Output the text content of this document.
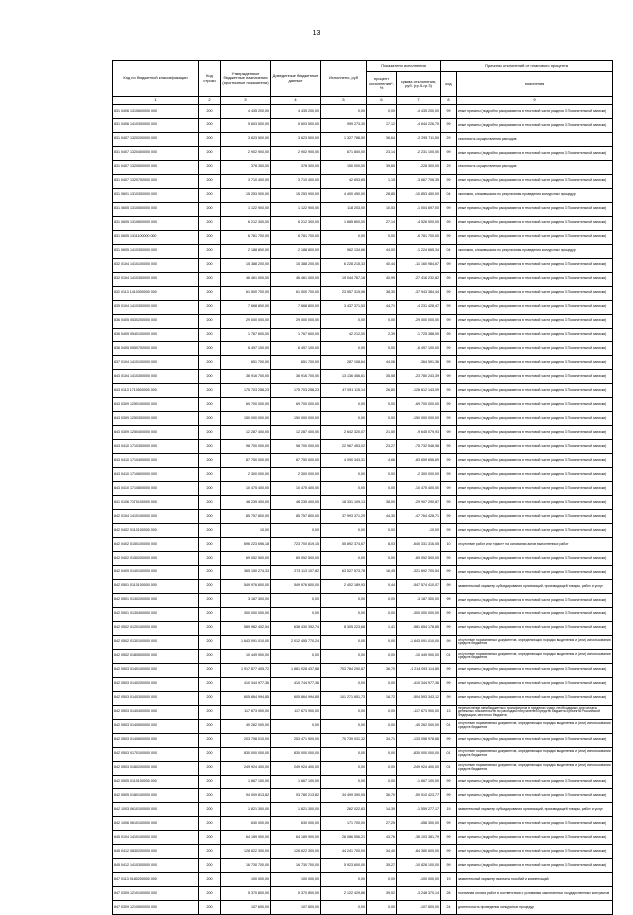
13
Код по бюджетной классификации	Код строки	Утвержденные бюджетные назначения (прогнозные показатели)	Доведенные бюджетные данные	Исполнено, руб	Показатели исполнения		Причины отклонений от планового процента	
					процент исполнения*, %	сумма отклонения, руб. (гр.5-гр.3)	код	пояснения
1	2	3	4	5	6	7	8	9
831 0406 1310600000 000	200	4 435 200,00	4 435 200,00	0,00	0,00	-4 435 200,00	99	иные причины (подробно раскрываются в текстовой части раздела 3 Пояснительной записки)
831 0406 1410300000 000	200	5 603 500,00	5 603 500,00	959 273,30	17,12	-4 644 226,70	99	иные причины (подробно раскрываются в текстовой части раздела 3 Пояснительной записки)
831 0407 1320200000 000	200	3 623 500,00	3 623 500,00	1 327 788,50	36,64	-2 295 711,50	29	сезонность осуществления расходов
831 0407 1320400000 000	200	2 902 900,00	2 902 900,00	671 800,00	23,14	-2 231 100,00	99	иные причины (подробно раскрываются в текстовой части раздела 3 Пояснительной записки)
831 0407 1320500000 000	200	378 300,00	378 300,00	150 000,00	39,65	-228 300,00	29	сезонность осуществления расходов
831 0407 1320700000 000	200	3 710 400,00	3 710 400,00	42 693,65	1,15	-3 667 706,35	99	иные причины (подробно раскрываются в текстовой части раздела 3 Пояснительной записки)
831 0601 1310300000 000	200	15 253 900,00	15 253 900,00	4 400 450,00	28,85	-10 853 450,00	04	экономия, сложившаяся по результатам проведения конкурсных процедур
831 0605 1310500000 000	200	1 122 900,00	1 122 900,00	118 203,00	10,53	-1 004 697,00	99	иные причины (подробно раскрываются в текстовой части раздела 3 Пояснительной записки)
831 0605 1310600000 000	200	6 212 300,00	6 212 300,00	1 685 800,00	27,14	-4 526 500,00	99	иные причины (подробно раскрываются в текстовой части раздела 3 Пояснительной записки)
831 0605 1311100000 000	200	6 781 700,00	6 781 700,00	0,00	0,00	-6 781 700,00	99	иные причины (подробно раскрываются в текстовой части раздела 3 Пояснительной записки)
831 0605 1410300000 000	200	2 188 800,00	2 188 800,00	962 134,66	44,00	-1 224 665,34	04	экономия, сложившаяся по результатам проведения конкурсных процедур
832 0104 1410100000 000	200	15 388 200,00	15 388 200,00	6 228 215,33	40,44	-11 160 984,67	99	иные причины (подробно раскрываются в текстовой части раздела 3 Пояснительной записки)
832 0104 1410300000 000	200	46 461 000,00	46 461 000,00	19 044 767,18	40,99	-27 416 232,82	99	иные причины (подробно раскрываются в текстовой части раздела 3 Пояснительной записки)
832 0113 1410300000 000	200	61 500 700,00	61 500 700,00	23 557 315,56	38,30	-37 943 384,44	99	иные причины (подробно раскрываются в текстовой части раздела 3 Пояснительной записки)
835 0104 1410300000 000	200	7 668 800,00	7 668 800,00	3 437 371,53	44,71	-4 231 428,47	99	иные причины (подробно раскрываются в текстовой части раздела 3 Пояснительной записки)
836 0405 0530200000 000	200	29 000 000,00	29 000 000,00	0,00	0,00	-29 000 000,00	99	иные причины (подробно раскрываются в текстовой части раздела 3 Пояснительной записки)
836 0405 0540100000 000	200	1 767 600,00	1 767 600,00	42 212,00	2,39	-1 725 388,00	99	иные причины (подробно раскрываются в текстовой части раздела 3 Пояснительной записки)
836 0405 0550700000 000	200	6 497 100,00	6 497 100,00	0,00	0,00	-6 497 100,00	99	иные причины (подробно раскрываются в текстовой части раздела 3 Пояснительной записки)
837 0104 1410100000 000	200	651 700,00	651 700,00	287 108,64	44,06	-364 591,36	99	иные причины (подробно раскрываются в текстовой части раздела 3 Пояснительной записки)
843 0104 1410300000 000	200	36 916 700,00	36 916 700,00	13 136 456,61	35,58	-23 780 243,39	99	иные причины (подробно раскрываются в текстовой части раздела 3 Пояснительной записки)
843 0113 1710500000 000	200	175 703 258,23	175 703 258,23	47 091 115,14	26,80	-128 612 143,09	99	иные причины (подробно раскрываются в текстовой части раздела 3 Пояснительной записки)
843 0309 1250100000 000	200	69 700 000,00	69 700 000,00	0,00	0,00	-69 700 000,00	99	иные причины (подробно раскрываются в текстовой части раздела 3 Пояснительной записки)
843 0309 1250300000 000	200	150 000 000,00	150 000 000,00	0,00	0,00	-150 000 000,00	99	иные причины (подробно раскрываются в текстовой части раздела 3 Пояснительной записки)
843 0309 1250400000 000	200	12 287 400,00	12 287 400,00	2 642 320,07	21,50	-9 645 079,93	99	иные причины (подробно раскрываются в текстовой части раздела 3 Пояснительной записки)
843 0410 1710300000 000	200	98 700 000,00	98 700 000,00	22 967 453,02	23,27	-75 732 546,98	99	иные причины (подробно раскрываются в текстовой части раздела 3 Пояснительной записки)
843 0410 1710400000 000	200	87 750 000,00	87 750 000,00	4 090 343,31	4,66	-83 659 656,69	99	иные причины (подробно раскрываются в текстовой части раздела 3 Пояснительной записки)
843 0410 1710600000 000	200	2 300 000,00	2 300 000,00	0,00	0,00	-2 300 000,00	99	иные причины (подробно раскрываются в текстовой части раздела 3 Пояснительной записки)
843 0410 1710800000 000	200	10 475 400,00	10 475 400,00	0,00	0,00	-10 475 400,00	99	иные причины (подробно раскрываются в текстовой части раздела 3 Пояснительной записки)
841 0106 71Г0100000 000	200	48 239 400,00	48 239 400,00	18 331 109,13	38,00	-29 907 290,87	99	иные причины (подробно раскрываются в текстовой части раздела 3 Пояснительной записки)
842 0104 1410100000 000	200	85 757 800,00	85 757 800,00	37 993 371,29	44,30	-47 764 428,71	99	иные причины (подробно раскрываются в текстовой части раздела 3 Пояснительной записки)
842 0402 0110100000 000	200	10,00	0,00	0,00	0,00	-10,00	99	иные причины (подробно раскрываются в текстовой части раздела 3 Пояснительной записки)
842 0402 0150100000 000	200	696 223 696,18	723 700 819,15	55 892 374,67	8,03	-640 331 316,05	10	отсутствие работ или «факт» на основании актов выполненных работ
842 0402 0150200000 000	200	69 052 500,00	69 052 500,00	0,00	0,00	-69 052 500,00	99	иные причины (подробно раскрываются в текстовой части раздела 3 Пояснительной записки)
842 0409 0140100000 000	200	365 150 274,33	273 113 107,82	63 527 573,78	16,49	-321 692 700,54	99	иные причины (подробно раскрываются в текстовой части раздела 3 Пояснительной записки)
842 0501 0110100000 000	200	549 976 600,00	549 976 600,00	2 402 189,93	0,44	-547 574 410,07	99	заявительный характер субсидирования организаций, производящей товары, работ и услуг
842 0501 0130200000 000	200	3 187 300,00	0,00	0,00	0,00	-3 187 300,00	99	иные причины (подробно раскрываются в текстовой части раздела 3 Пояснительной записки)
842 0501 0130400000 000	200	300 000 000,00	0,00	0,00	0,00	-300 000 000,00	99	иные причины (подробно раскрываются в текстовой части раздела 3 Пояснительной записки)
842 0502 0120100000 000	200	589 962 402,54	638 430 392,74	8 305 223,68	1,41	-581 654 178,85	99	иные причины (подробно раскрываются в текстовой части раздела 3 Пояснительной записки)
842 0502 0130100000 000	200	1 643 091 010,00	2 012 455 770,24	0,00	0,00	-1 643 091 010,00	99	отсутствие нормативных документов, определяющих порядок выделения и (или) использования средств бюджетов
842 0502 0180500000 000	200	10 449 900,00	0,00	0,00	0,00	-10 449 900,00	01	отсутствие нормативных документов, определяющих порядок выделения и (или) использования средств бюджетов
842 0503 0140100000 000	200	1 917 877 405,72	1 881 028 437,88	703 784 290,87	36,70	-1 214 093 114,85	99	иные причины (подробно раскрываются в текстовой части раздела 3 Пояснительной записки)
842 0503 0140200000 000	200	410 344 977,36	410 744 977,36	0,00	0,00	-410 344 977,36	99	иные причины (подробно раскрываются в текстовой части раздела 3 Пояснительной записки)
842 0503 0140300000 000	200	605 864 994,85	605 864 994,85	101 271 651,73	16,72	-504 593 343,12	99	иные причины (подробно раскрываются в текстовой части раздела 3 Пояснительной записки)
842 0503 0140400000 000	200	117 673 900,00	117 673 900,00	0,00	0,00	-117 673 900,00	13	перечисление межбюджетных трансфертов в пределах сумм, необходимых для оплаты денежных обязательств по расходам получателей средств бюджета субъекта Российской Федерации, местного бюджета
842 0503 0140500000 000	200	40 262 000,00	0,00	0,00	0,00	-40 262 000,00	01	отсутствие нормативных документов, определяющих порядок выделения и (или) использования средств бюджетов
842 0503 0140600000 000	200	203 798 010,00	253 471 900,00	70 739 031,32	34,71	-133 058 978,68	99	иные причины (подробно раскрываются в текстовой части раздела 3 Пояснительной записки)
842 0503 0170100000 000	200	830 000 000,00	830 000 000,00	0,00	0,00	-830 000 000,00	01	отсутствие нормативных документов, определяющих порядок выделения и (или) использования средств бюджетов
842 0503 0180200000 000	200	249 924 400,00	249 924 400,00	0,00	0,00	-249 924 400,00	01	отсутствие нормативных документов, определяющих порядок выделения и (или) использования средств бюджетов
842 0505 0110100000 000	200	1 667 100,00	1 667 100,00	0,00	0,00	-1 667 100,00	99	иные причины (подробно раскрываются в текстовой части раздела 3 Пояснительной записки)
842 0505 0180100000 000	200	94 009 813,82	93 780 213,82	34 499 390,05	36,70	-59 510 423,77	99	иные причины (подробно раскрываются в текстовой части раздела 3 Пояснительной записки)
842 1003 0610100000 000	200	1 821 300,00	1 821 300,00	262 022,83	14,39	-1 559 277,17	19	заявительный характер субсидирования организаций, производящей товары, работ и услуг
842 1006 0610100000 000	200	630 000,00	630 000,00	171 700,00	27,25	-458 300,00	99	иные причины (подробно раскрываются в текстовой части раздела 3 Пояснительной записки)
845 0104 1410100000 000	200	64 189 900,00	64 189 900,00	28 086 556,21	43,76	-36 103 381,79	99	иные причины (подробно раскрываются в текстовой части раздела 3 Пояснительной записки)
845 0412 0830200000 000	200	128 622 300,00	128 622 300,00	44 241 700,00	34,40	-84 380 600,00	99	иные причины (подробно раскрываются в текстовой части раздела 3 Пояснительной записки)
845 0412 1410300000 000	200	16 730 700,00	16 730 700,00	5 923 600,00	35,27	-10 828 100,00	99	иные причины (подробно раскрываются в текстовой части раздела 3 Пояснительной записки)
847 0113 0180200000 000	200	100 000,00	100 000,00	0,00	0,00	-100 000,00	19	заявительный характер выплаты пособий и компенсаций
847 0309 1210100000 000	200	5 370 800,00	5 370 800,00	2 122 429,86	39,52	-3 248 370,14	28	поэтапная оплата работ в соответствии с условиями заключенных государственных контрактов
847 0309 1210500000 000	200	107 600,00	107 600,00	0,00	0,00	-107 600,00	24	длительность проведения конкурсных процедур
